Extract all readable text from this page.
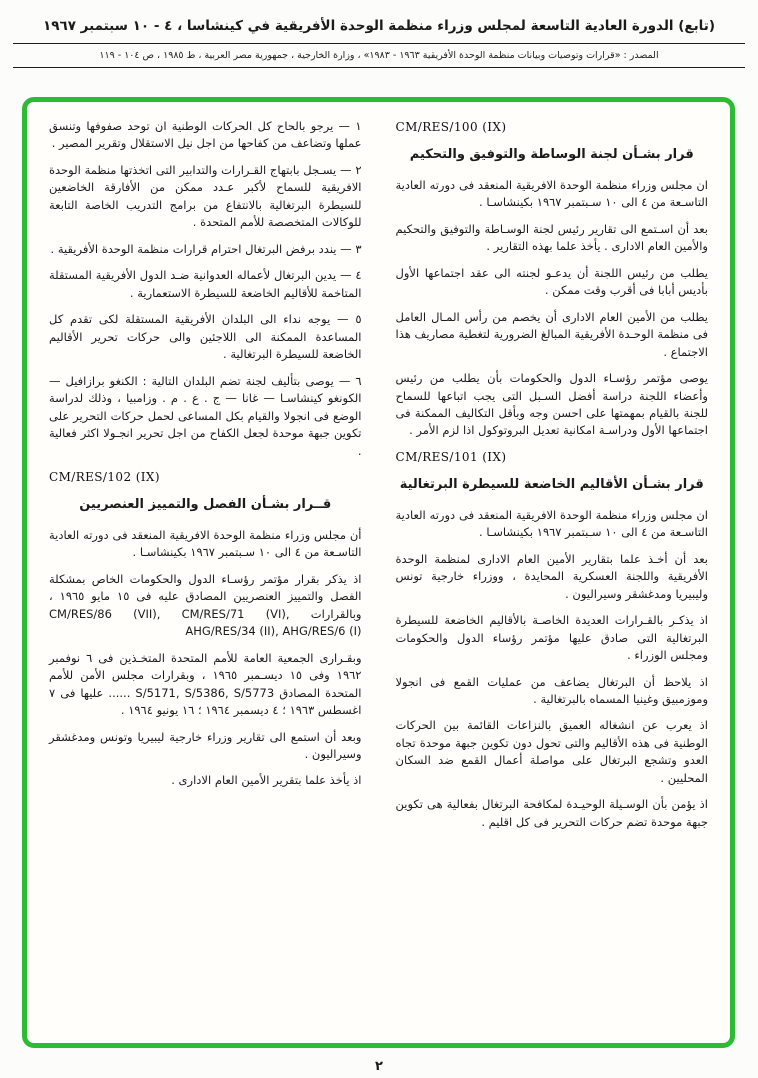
(تابع) الدورة العادية التاسعة لمجلس وزراء منظمة الوحدة الأفريقية في كينشاسا ، ٤ - ١٠ سبتمبر ١٩٦٧
المصدر : «قرارات وتوصيات وبيانات منظمة الوحدة الأفريقية ١٩٦٣ - ١٩٨٣» ، وزارة الخارجية ، جمهورية مصر العربية ، ط ١٩٨٥ ، ص ١٠٤ - ١١٩
CM/RES/100 (IX)
قرار بشـأن لجنة الوساطة والتوفيق والتحكيم

ان مجلس وزراء منظمة الوحدة الافريقية المنعقد فى دورته العادية التاسـعة من ٤ الى ١٠ سـبتمبر ١٩٦٧ بكينشاسـا .

بعد أن اسـتمع الى تقارير رئيس لجنة الوسـاطة والتوفيق والتحكيم والأمين العام الادارى . يأخذ علما بهذه التقارير .

يطلب من رئيس اللجنة أن يدعـو لجنته الى عقد اجتماعها الأول بأديس أبابا فى أقرب وقت ممكن .

يطلب من الأمين العام الادارى أن يخصم من رأس المـال العامل فى منظمة الوحـدة الأفريقية المبالغ الضرورية لتغطية مصاريف هذا الاجتماع .

يوصى مؤتمر رؤسـاء الدول والحكومات بأن يطلب من رئيس وأعضاء اللجنة دراسة أفضل السـبل التى يجب اتباعها للسماح للجنة بالقيام بمهمتها على احسن وجه وبأقل التكاليف الممكنة فى اجتماعها الأول ودراسـة امكانية تعديل البروتوكول اذا لزم الأمر .

CM/RES/101 (IX)
قرار بشـأن الأقاليم الخاضعة للسيطرة البرتغالية

ان مجلس وزراء منظمة الوحدة الافريقية المنعقد فى دورته العادية التاسـعة من ٤ الى ١٠ سـبتمبر ١٩٦٧ بكينشاسـا .

بعد أن أخـذ علما بتقارير الأمين العام الادارى لمنظمة الوحدة الأفريقية واللجنة العسكرية المحايدة ، ووزراء خارجية تونس وليبيريا ومدغشقر وسيراليون .

اذ يذكـر بالقـرارات العديدة الخاصـة بالأقاليم الخاضعة للسيطرة البرتغالية التى صادق عليها مؤتمر رؤساء الدول والحكومات ومجلس الوزراء .

اذ يلاحظ أن البرتغال يضاعف من عمليات القمع فى انجولا وموزمبيق وغينيا المسماه بالبرتغالية .

اذ يعرب عن انشغاله العميق بالنزاعات القائمة بين الحركات الوطنية فى هذه الأقاليم والتى تحول دون تكوين جبهة موحدة تجاه العدو وتشجع البرتغال على مواصلة أعمال القمع ضد السكان المحليين .

اذ يؤمن بأن الوسـيلة الوحيـدة لمكافحة البرتغال بفعالية هى تكوين جبهة موحدة تضم حركات التحرير فى كل اقليم .

١ — يرجو بالحاح كل الحركات الوطنية ان توحد صفوفها وتنسق عملها وتضاعف من كفاحها من اجل نيل الاستقلال وتقرير المصير .

٢ — يسـجل بابتهاج القـرارات والتدابير التى اتخذتها منظمة الوحدة الافريقية للسماح لأكبر عـدد ممكن من الأفارقة الخاضعين للسيطرة البرتغالية بالانتفاع من برامج التدريب الخاصة التابعة للوكالات المتخصصة للأمم المتحدة .

٣ — يندد برفض البرتغال احترام قرارات منظمة الوحدة الأفريقية .

٤ — يدين البرتغال لأعماله العدوانية ضـد الدول الأفريقية المستقلة المتاخمة للأقاليم الخاضعة للسيطرة الاستعمارية .

٥ — يوجه نداء الى البلدان الأفريقية المستقلة لكى تقدم كل المساعدة الممكنة الى اللاجئين والى حركات تحرير الأقاليم الخاضعة للسيطرة البرتغالية .

٦ — يوصى بتأليف لجنة تضم البلدان التالية : الكنغو برازافيل — الكونغو كينشاسـا — غانا — ج . ع . م . وزامبيا ، وذلك لدراسة الوضع فى انجولا والقيام بكل المساعى لحمل حركات التحرير على تكوين جبهة موحدة لجعل الكفاح من اجل تحرير انجـولا اكثر فعالية .

CM/RES/102 (IX)
قــرار بشـأن الفصل والتمييز العنصريين

أن مجلس وزراء منظمة الوحدة الافريقية المنعقد فى دورته العادية التاسـعة من ٤ الى ١٠ سـبتمبر ١٩٦٧ بكينشاسـا .

اذ يذكر بقرار مؤتمر رؤسـاء الدول والحكومات الخاص بمشكلة الفصل والتمييز العنصريين المصادق عليه فى ١٥ مايو ١٩٦٥ ، وبالقرارات CM/RES/86 (VII), CM/RES/71 (VI), AHG/RES/34 (II), AHG/RES/6 (I)

وبقـرارى الجمعية العامة للأمم المتحدة المتخـذين فى ٦ نوفمبر ١٩٦٢ وفى ١٥ ديسـمبر ١٩٦٥ ، وبقرارات مجلس الأمن للأمم المتحدة المصادق S/5171, S/5386, S/5773 ...... عليها فى ٧ اغسطس ١٩٦٣ ؛ ٤ ديسمبر ١٩٦٤ ؛ ١٦ يونيو ١٩٦٤ .

وبعد أن استمع الى تقارير وزراء خارجية ليبيريا وتونس ومدغشقر وسيراليون .

اذ يأخذ علما بتقرير الأمين العام الادارى .

٢
